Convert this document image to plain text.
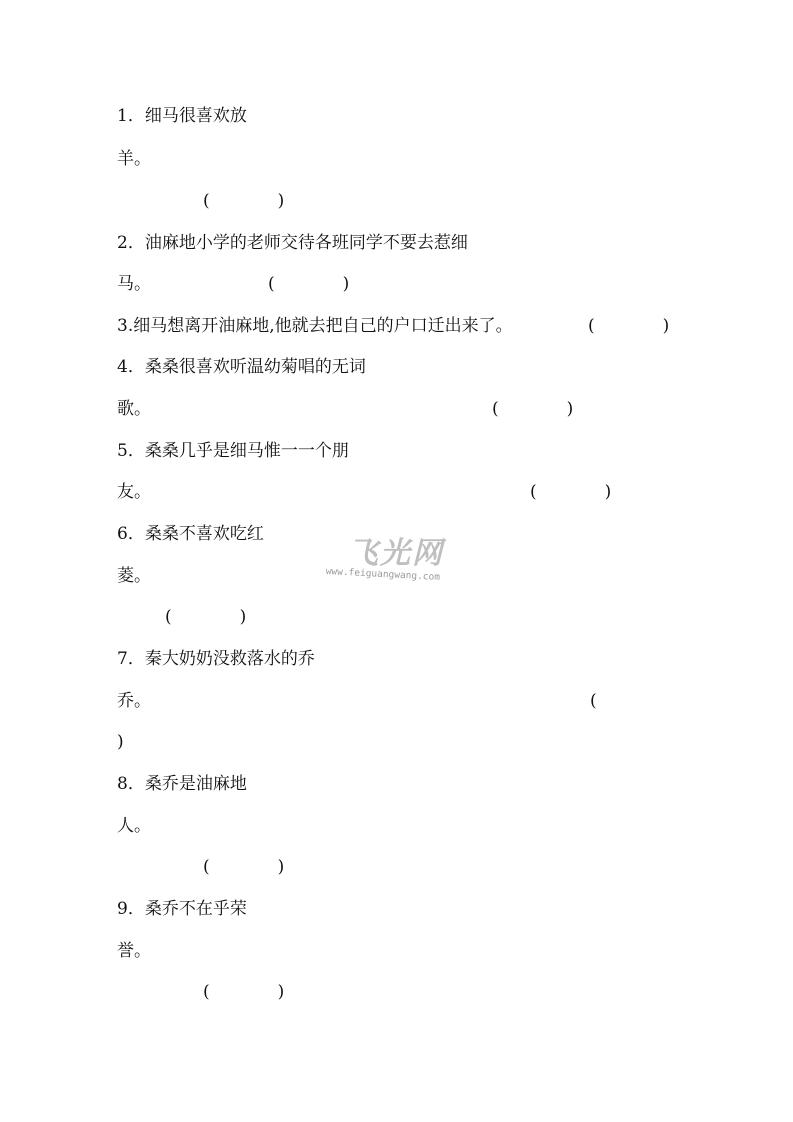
1．细马很喜欢放
羊。
(　　　　)
2．油麻地小学的老师交待各班同学不要去惹细
马。	(　　　　)
3.细马想离开油麻地,他就去把自己的户口迁出来了。	(　　　　)
4．桑桑很喜欢听温幼菊唱的无词
歌。	(　　　　)
5．桑桑几乎是细马惟一一个朋
友。	(　　　　)
6．桑桑不喜欢吃红
菱。
(　　　　)
7．秦大奶奶没救落水的乔
乔。	(
)
8．桑乔是油麻地
人。
(　　　　)
9．桑乔不在乎荣
誉。
(　　　　)
飞光网
www.feiguangwang.com
